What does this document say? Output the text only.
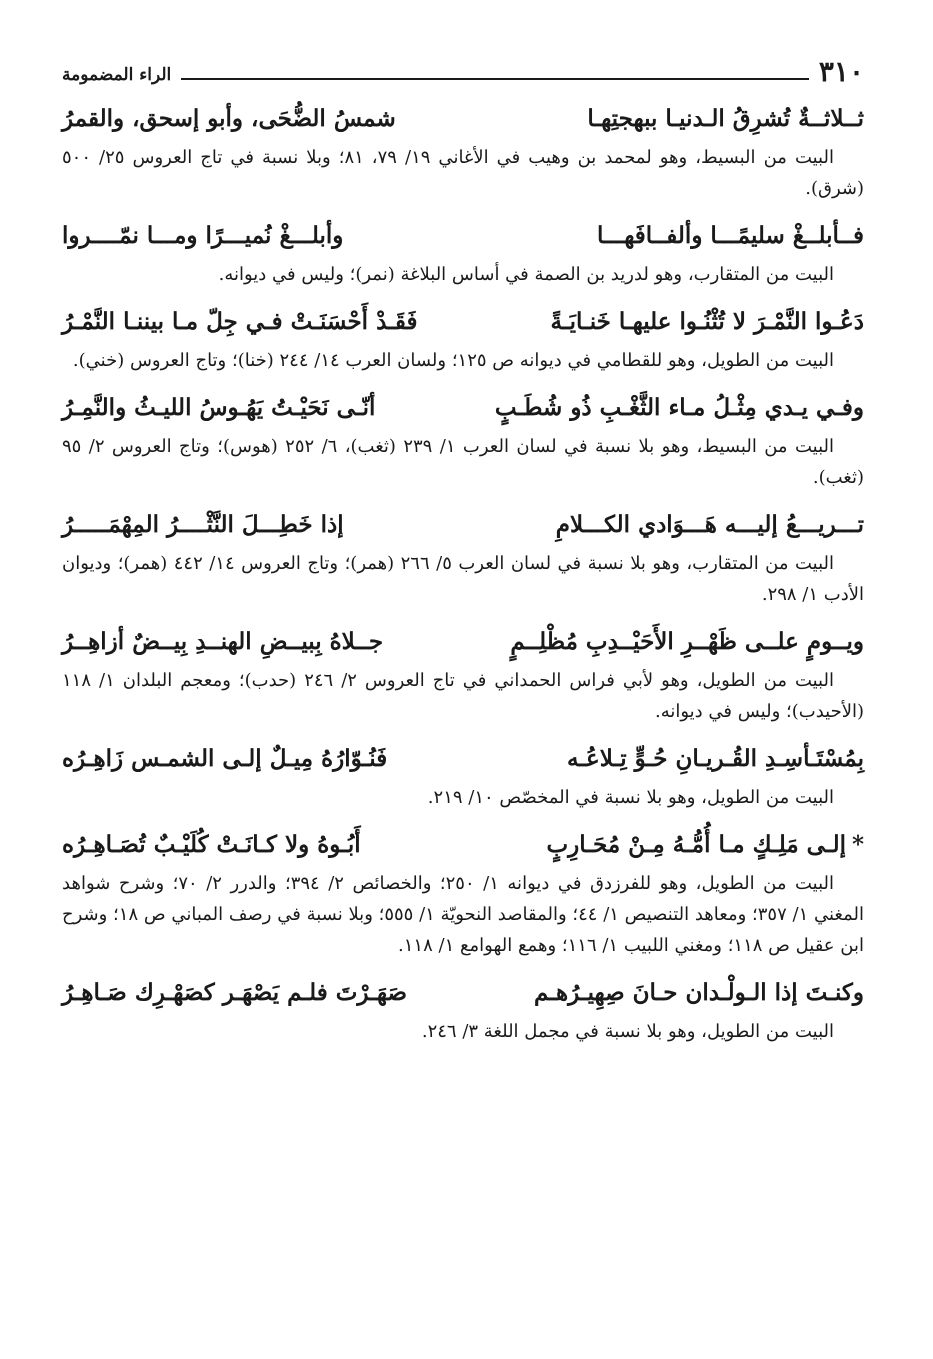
٣١٠
الراء المضمومة
ثــلاثــةٌ تُشرِقُ الـدنيـا ببهجتِهـا
شمسُ الضُّحَى، وأبو إسحق، والقمرُ
البيت من البسيط، وهو لمحمد بن وهيب في الأغاني ١٩/ ٧٩، ٨١؛ وبلا نسبة في تاج العروس ٢٥/ ٥٠٠ (شرق).
فــأبلــغْ سليمًـــا وألفــافَهـــا
وأبلـــغْ نُميـــرًا ومـــا نمّــــروا
البيت من المتقارب، وهو لدريد بن الصمة في أساس البلاغة (نمر)؛ وليس في ديوانه.
دَعُـوا النَّمْـرَ لا تُثْنُـوا عليهـا خَنـايَـةً
فَقَـدْ أَحْسَنَـتْ فـي جِلّ مـا بيننـا النَّمْـرُ
البيت من الطويل، وهو للقطامي في ديوانه ص ١٢٥؛ ولسان العرب ١٤/ ٢٤٤ (خنا)؛ وتاج العروس (خني).
وفـي يـدي مِثْـلُ مـاء الثَّغْـبِ ذُو شُطَـبٍ
أنّـى نَحَيْـتُ يَهُـوسُ الليـثُ والنَّمِـرُ
البيت من البسيط، وهو بلا نسبة في لسان العرب ١/ ٢٣٩ (ثغب)، ٦/ ٢٥٢ (هوس)؛ وتاج العروس ٢/ ٩٥ (ثغب).
تـــريـــعُ إليـــه هَـــوَادي الكـــلامِ
إذا خَطِـــلَ النَّثْــــرُ المِهْمَـــــرُ
البيت من المتقارب، وهو بلا نسبة في لسان العرب ٥/ ٢٦٦ (همر)؛ وتاج العروس ١٤/ ٤٤٢ (همر)؛ وديوان الأدب ١/ ٢٩٨.
ويــومٍ علــى ظَهْــرِ الأَحَيْــدِبِ مُظْلِــمٍ
جــلاهُ بِبيــضِ الهنــدِ بِيــضٌ أزاهِــرُ
البيت من الطويل، وهو لأبي فراس الحمداني في تاج العروس ٢/ ٢٤٦ (حدب)؛ ومعجم البلدان ١/ ١١٨ (الأحيدب)؛ وليس في ديوانه.
بِمُسْتَـأسِـدِ القُـريـانِ حُـوٍّ تِـلاعُـه
فَنُـوّارُهُ مِيـلٌ إلـى الشمـس زَاهِـرُه
البيت من الطويل، وهو بلا نسبة في المخصّص ١٠/ ٢١٩.
*إلـى مَلِـكٍ مـا أُمُّـهُ مِـنْ مُحَـارِبٍ
أَبُـوهُ ولا كـانَـتْ كُلَيْـبٌ تُصَـاهِـرُه
البيت من الطويل، وهو للفرزدق في ديوانه ١/ ٢٥٠؛ والخصائص ٢/ ٣٩٤؛ والدرر ٢/ ٧٠؛ وشرح شواهد المغني ١/ ٣٥٧؛ ومعاهد التنصيص ١/ ٤٤؛ والمقاصد النحويّة ١/ ٥٥٥؛ وبلا نسبة في رصف المباني ص ١٨؛ وشرح ابن عقيل ص ١١٨؛ ومغني اللبيب ١/ ١١٦؛ وهمع الهوامع ١/ ١١٨.
وكنـتَ إذا الـولْـدان حـانَ صِهِيـرُهـم
صَهَـرْتَ فلـم يَصْهَـر كصَهْـرِك صَـاهِـرُ
البيت من الطويل، وهو بلا نسبة في مجمل اللغة ٣/ ٢٤٦.
